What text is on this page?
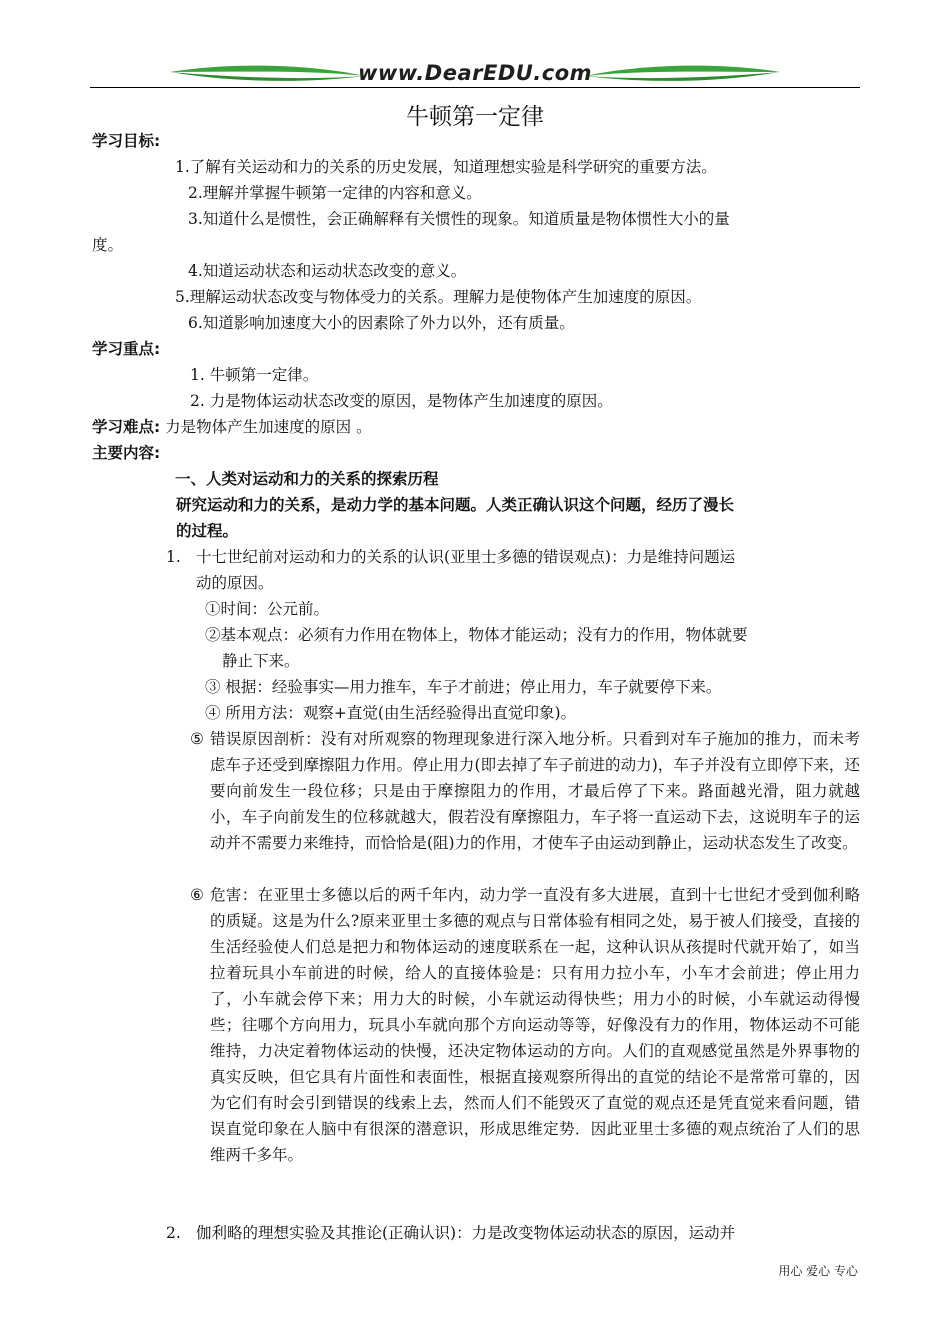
www.DearEDU.com
牛顿第一定律
学习目标:
1.了解有关运动和力的关系的历史发展，知道理想实验是科学研究的重要方法。
2.理解并掌握牛顿第一定律的内容和意义。
3.知道什么是惯性，会正确解释有关惯性的现象。知道质量是物体惯性大小的量
度。
4.知道运动状态和运动状态改变的意义。
5.理解运动状态改变与物体受力的关系。理解力是使物体产生加速度的原因。
6.知道影响加速度大小的因素除了外力以外，还有质量。
学习重点:
1. 牛顿第一定律。
2. 力是物体运动状态改变的原因，是物体产生加速度的原因。
学习难点: 力是物体产生加速度的原因 。
主要内容:
一、人类对运动和力的关系的探索历程
研究运动和力的关系，是动力学的基本问题。人类正确认识这个问题，经历了漫长
的过程。
1. 十七世纪前对运动和力的关系的认识(亚里士多德的错误观点)：力是维持问题运
动的原因。
①时间：公元前。
②基本观点：必须有力作用在物体上，物体才能运动；没有力的作用，物体就要
静止下来。
③ 根据：经验事实—用力推车，车子才前进；停止用力，车子就要停下来。
④ 所用方法：观察+直觉(由生活经验得出直觉印象)。
⑤ 错误原因剖析：没有对所观察的物理现象进行深入地分析。只看到对车子施加的推力，而未考虑车子还受到摩擦阻力作用。停止用力(即去掉了车子前进的动力)，车子并没有立即停下来，还要向前发生一段位移；只是由于摩擦阻力的作用，才最后停了下来。路面越光滑，阻力就越小，车子向前发生的位移就越大，假若没有摩擦阻力，车子将一直运动下去，这说明车子的运动并不需要力来维持，而恰恰是(阻)力的作用，才使车子由运动到静止，运动状态发生了改变。
⑥ 危害：在亚里士多德以后的两千年内，动力学一直没有多大进展，直到十七世纪才受到伽利略的质疑。这是为什么?原来亚里士多德的观点与日常体验有相同之处，易于被人们接受，直接的生活经验使人们总是把力和物体运动的速度联系在一起，这种认识从孩提时代就开始了，如当拉着玩具小车前进的时候，给人的直接体验是：只有用力拉小车，小车才会前进；停止用力了，小车就会停下来；用力大的时候，小车就运动得快些；用力小的时候，小车就运动得慢些；往哪个方向用力，玩具小车就向那个方向运动等等，好像没有力的作用，物体运动不可能维持，力决定着物体运动的快慢，还决定物体运动的方向。人们的直观感觉虽然是外界事物的真实反映，但它具有片面性和表面性，根据直接观察所得出的直觉的结论不是常常可靠的，因为它们有时会引到错误的线索上去，然而人们不能毁灭了直觉的观点还是凭直觉来看问题，错误直觉印象在人脑中有很深的潜意识，形成思维定势．因此亚里士多德的观点统治了人们的思维两千多年。
2. 伽利略的理想实验及其推论(正确认识)：力是改变物体运动状态的原因，运动并
用心 爱心 专心
